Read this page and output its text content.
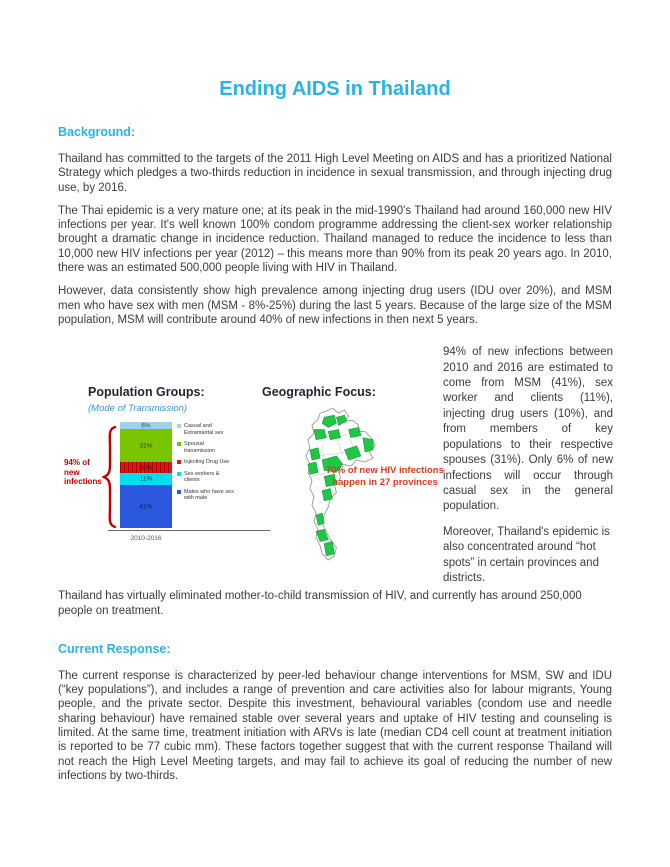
Ending AIDS in Thailand
Background:
Thailand has committed to the targets of the 2011 High Level Meeting on AIDS and has a prioritized National Strategy which pledges a two-thirds reduction in incidence in sexual transmission, and through injecting drug use, by 2016.
The Thai epidemic is a very mature one; at its peak in the mid-1990's Thailand had around 160,000 new HIV infections per year. It's well known 100% condom programme addressing the client-sex worker relationship brought a dramatic change in incidence reduction. Thailand managed to reduce the incidence to less than 10,000 new HIV infections per year (2012) – this means more than 90% from its peak 20 years ago. In 2010, there was an estimated 500,000 people living with HIV in Thailand.
However, data consistently show high prevalence among injecting drug users (IDU over 20%), and MSM men who have sex with men (MSM - 8%-25%) during the last 5 years. Because of the large size of the MSM population, MSM will contribute around 40% of new infections in then next 5 years.
Population Groups:
(Mode of Transmission)
6%
31%
10%
11%
41%
94% of new infections
Casual and Extramarital sex
Spousal transmission
Injecting Drug Use
Sex workers & clients
Males who have sex with male
2010-2016
Geographic Focus:
70% of new HIV infections happen in 27 provinces
94% of new infections between 2010 and 2016 are estimated to come from MSM (41%), sex worker and clients (11%), injecting drug users (10%), and from members of key populations to their respective spouses (31%). Only 6% of new infections will occur through casual sex in the general population.
Moreover, Thailand's epidemic is also concentrated around “hot spots” in certain provinces and districts.
Thailand has virtually eliminated mother-to-child transmission of HIV, and currently has around 250,000 people on treatment.
Current Response:
The current response is characterized by peer-led behaviour change interventions for MSM, SW and IDU (“key populations”), and includes a range of prevention and care activities also for labour migrants, Young people, and the private sector. Despite this investment, behavioural variables (condom use and needle sharing behaviour) have remained stable over several years and uptake of HIV testing and counseling is limited. At the same time, treatment initiation with ARVs is late (median CD4 cell count at treatment initiation is reported to be 77 cubic mm). These factors together suggest that with the current response Thailand will not reach the High Level Meeting targets, and may fail to achieve its goal of reducing the number of new infections by two-thirds.
